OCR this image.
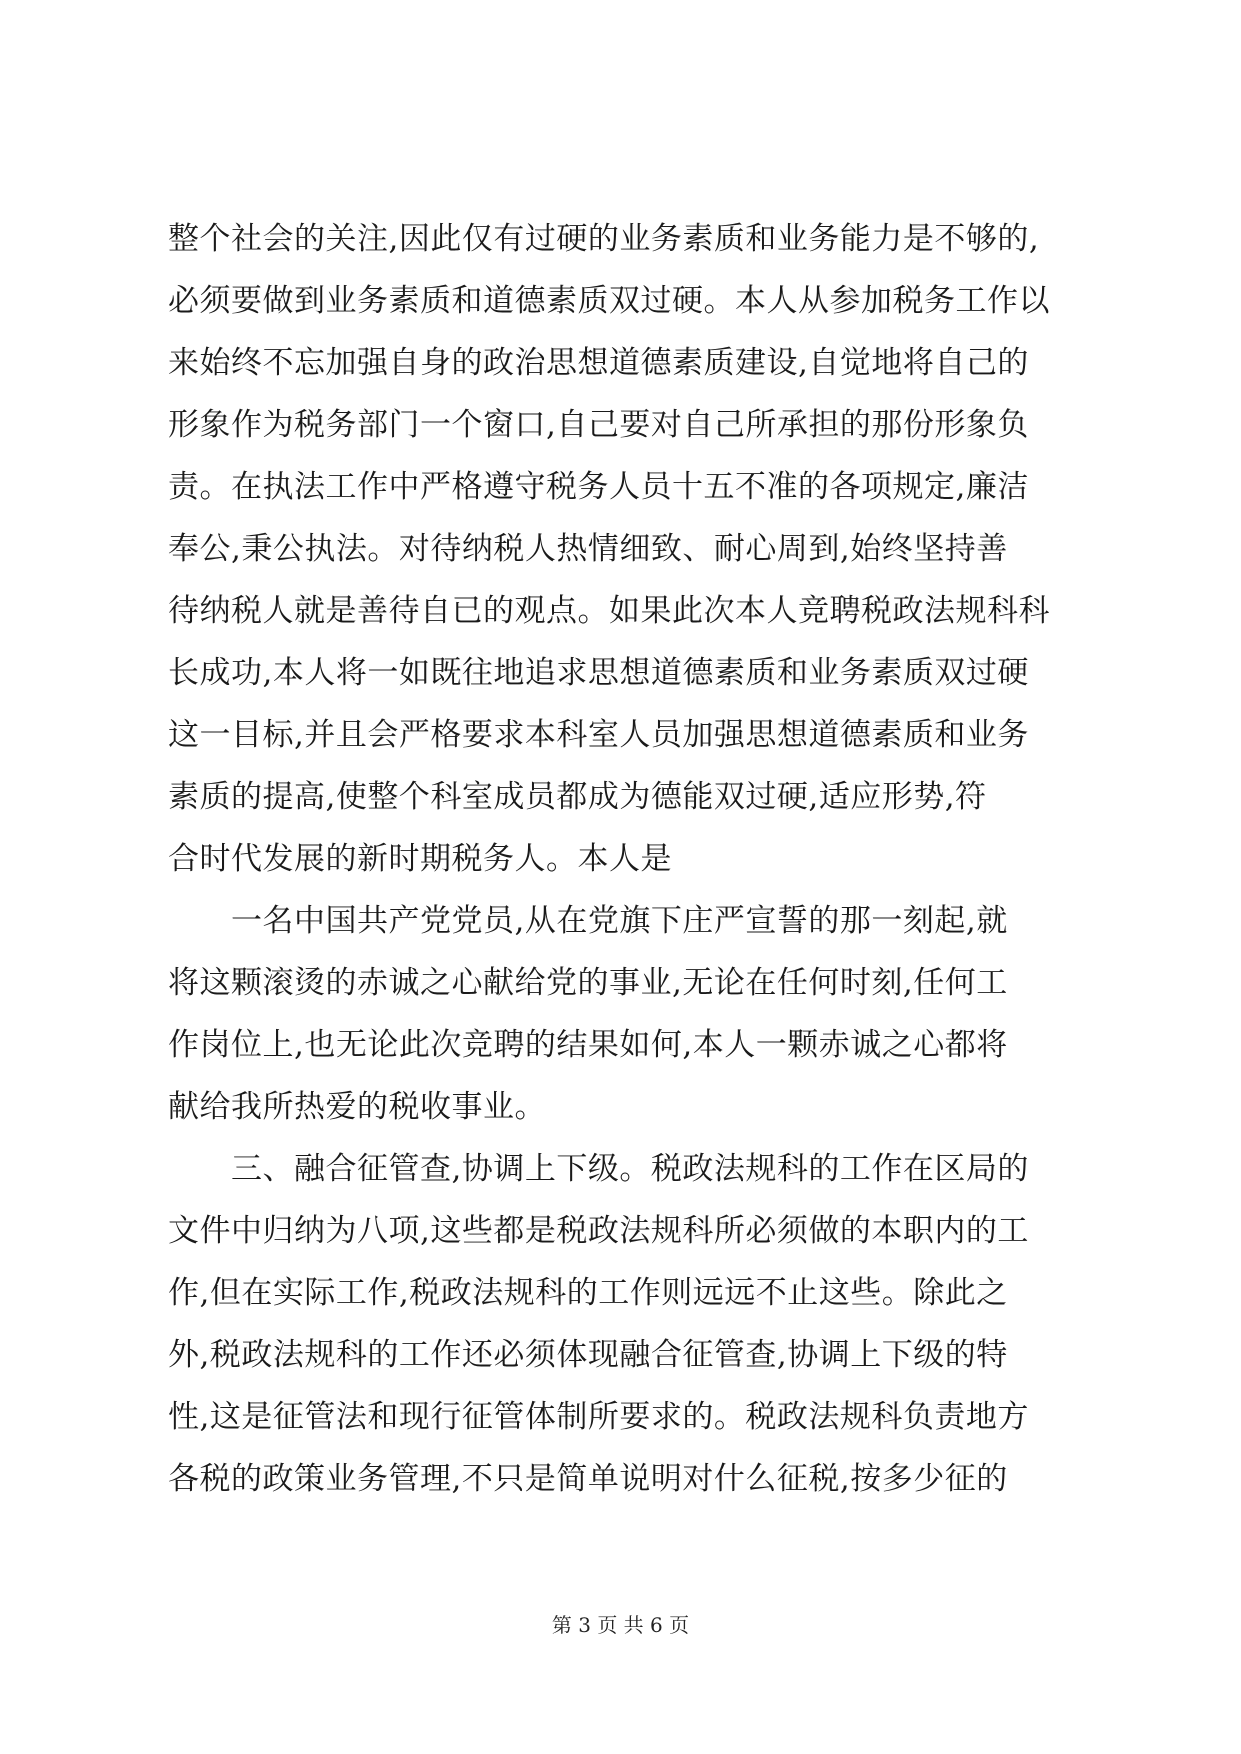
整个社会的关注,因此仅有过硬的业务素质和业务能力是不够的,
必须要做到业务素质和道德素质双过硬。本人从参加税务工作以
来始终不忘加强自身的政治思想道德素质建设,自觉地将自己的
形象作为税务部门一个窗口,自己要对自己所承担的那份形象负
责。在执法工作中严格遵守税务人员十五不准的各项规定,廉洁
奉公,秉公执法。对待纳税人热情细致、耐心周到,始终坚持善
待纳税人就是善待自已的观点。如果此次本人竞聘税政法规科科
长成功,本人将一如既往地追求思想道德素质和业务素质双过硬
这一目标,并且会严格要求本科室人员加强思想道德素质和业务
素质的提高,使整个科室成员都成为德能双过硬,适应形势,符
合时代发展的新时期税务人。本人是
　　一名中国共产党党员,从在党旗下庄严宣誓的那一刻起,就
将这颗滚烫的赤诚之心献给党的事业,无论在任何时刻,任何工
作岗位上,也无论此次竞聘的结果如何,本人一颗赤诚之心都将
献给我所热爱的税收事业。
　　三、融合征管查,协调上下级。税政法规科的工作在区局的
文件中归纳为八项,这些都是税政法规科所必须做的本职内的工
作,但在实际工作,税政法规科的工作则远远不止这些。除此之
外,税政法规科的工作还必须体现融合征管查,协调上下级的特
性,这是征管法和现行征管体制所要求的。税政法规科负责地方
各税的政策业务管理,不只是简单说明对什么征税,按多少征的
第 3 页 共 6 页
